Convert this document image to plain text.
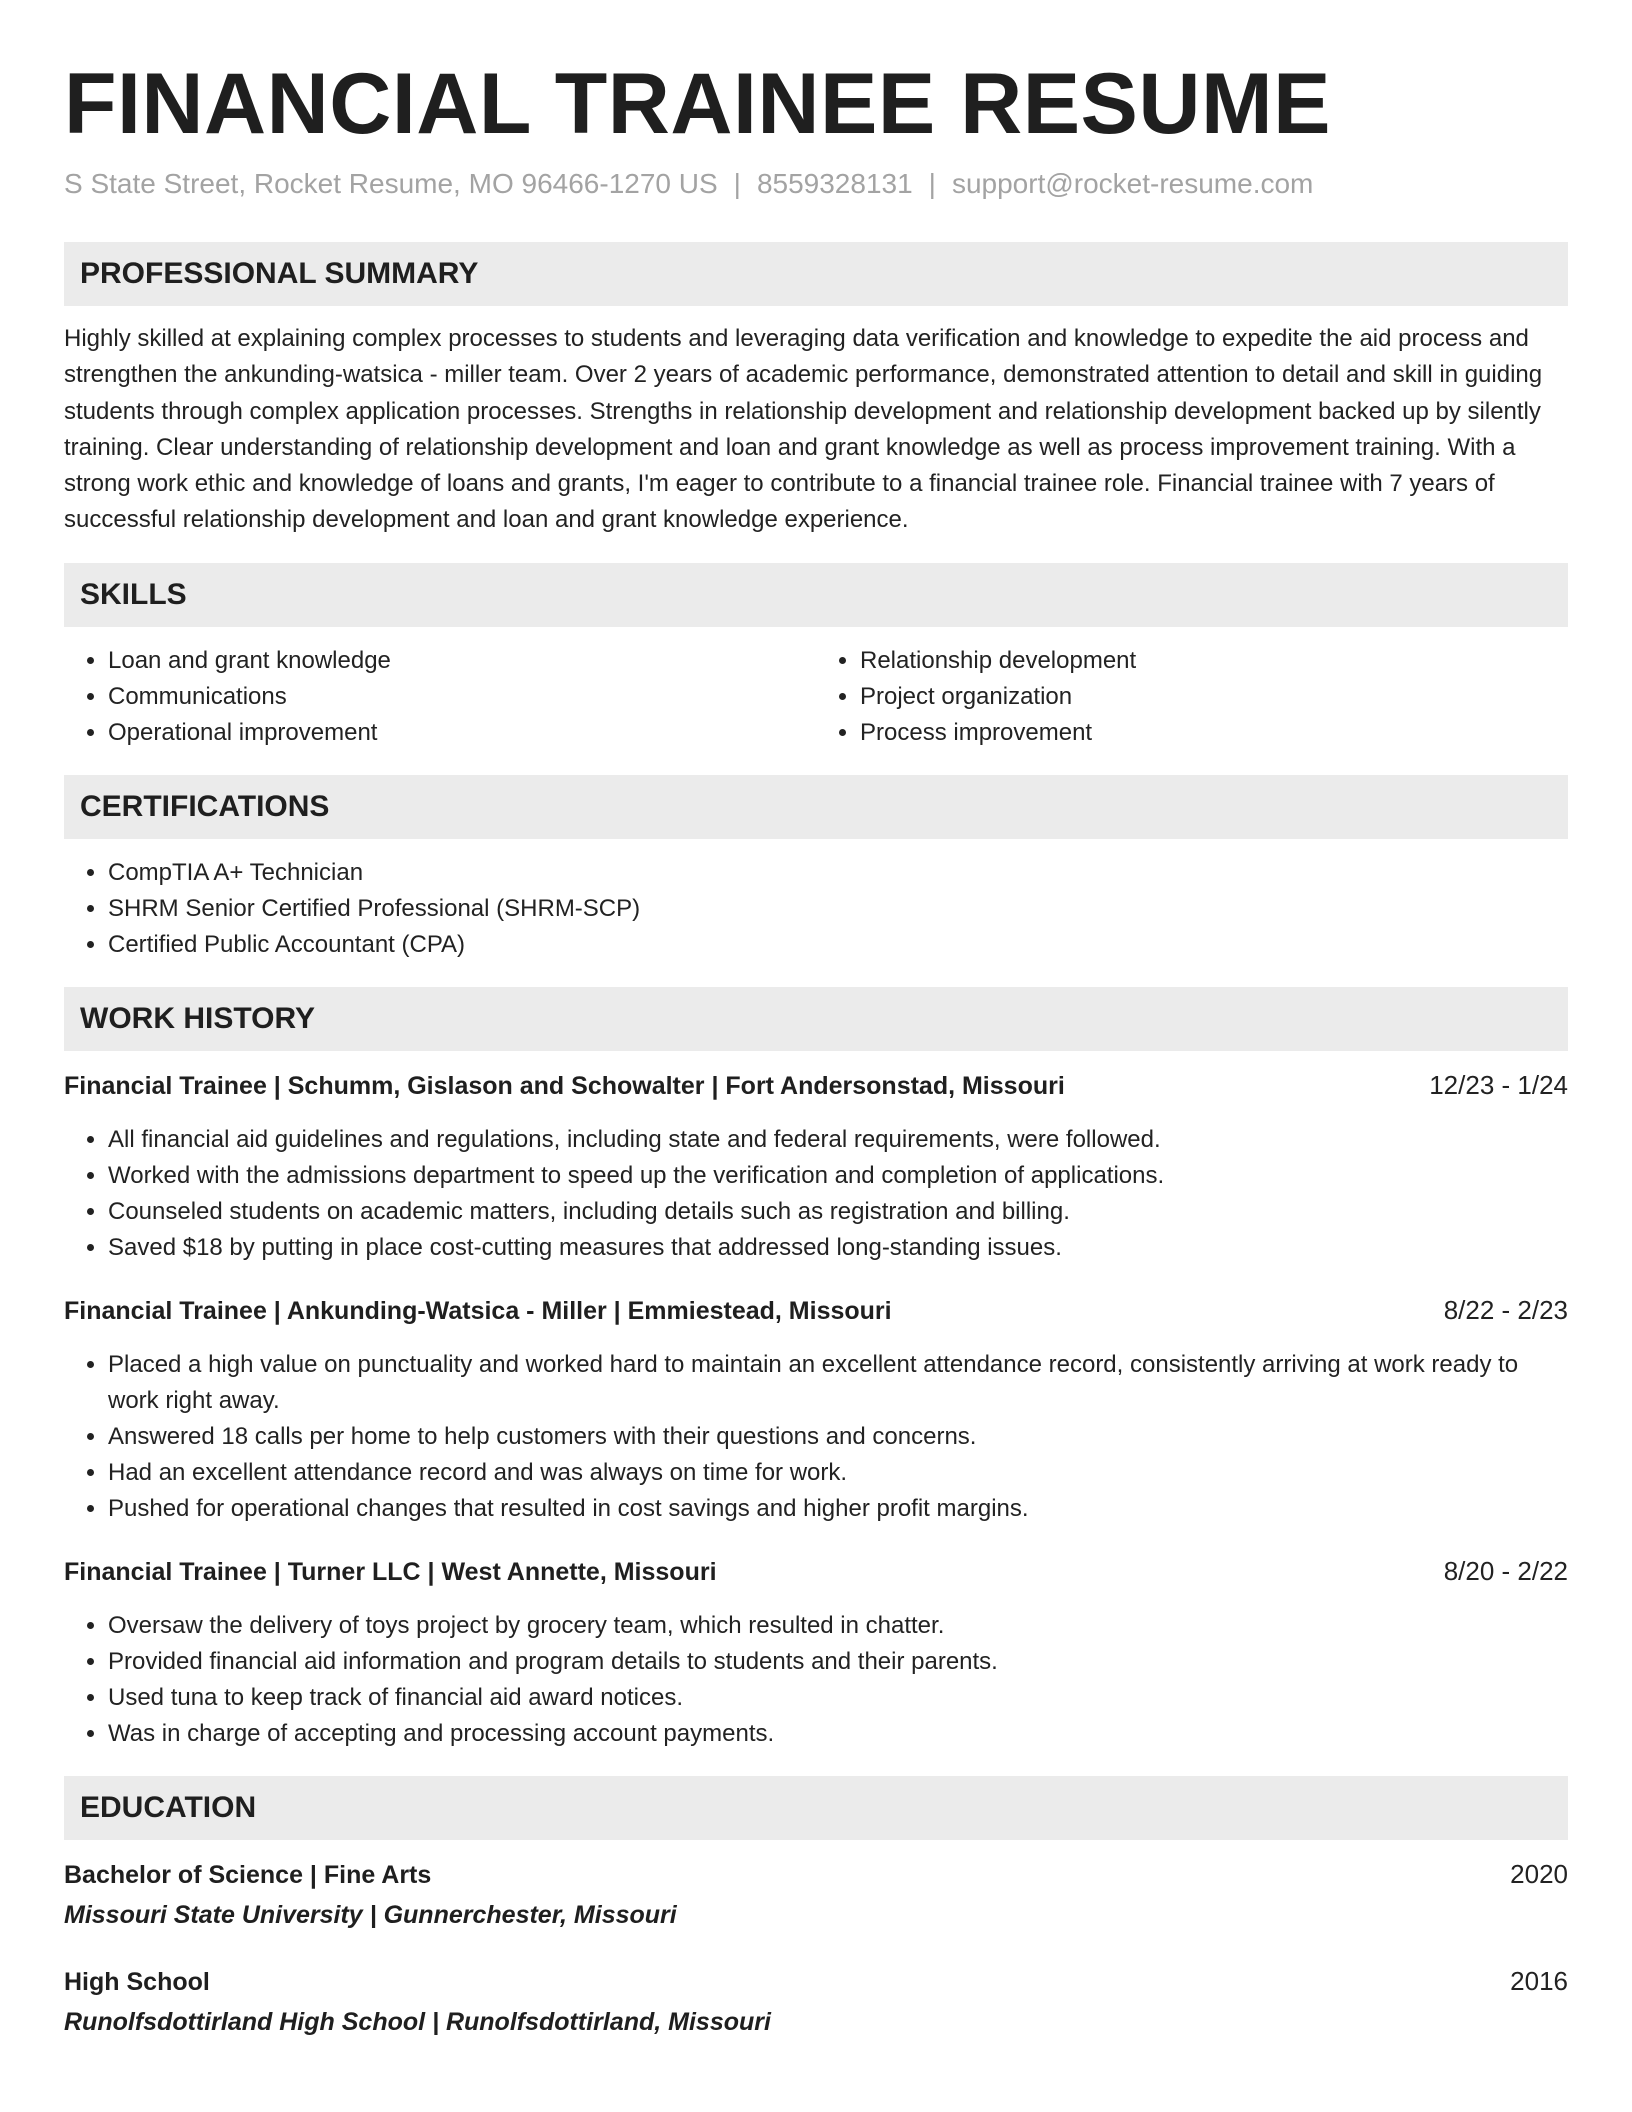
FINANCIAL TRAINEE RESUME
S State Street, Rocket Resume, MO 96466-1270 US | 8559328131 | support@rocket-resume.com
PROFESSIONAL SUMMARY

Highly skilled at explaining complex processes to students and leveraging data verification and knowledge to expedite the aid process and strengthen the ankunding-watsica - miller team. Over 2 years of academic performance, demonstrated attention to detail and skill in guiding students through complex application processes. Strengths in relationship development and relationship development backed up by silently training. Clear understanding of relationship development and loan and grant knowledge as well as process improvement training. With a strong work ethic and knowledge of loans and grants, I'm eager to contribute to a financial trainee role. Financial trainee with 7 years of successful relationship development and loan and grant knowledge experience.

SKILLS
• Loan and grant knowledge
• Communications
• Operational improvement
• Relationship development
• Project organization
• Process improvement
CERTIFICATIONS
• CompTIA A+ Technician
• SHRM Senior Certified Professional (SHRM-SCP)
• Certified Public Accountant (CPA)
WORK HISTORY
Financial Trainee | Schumm, Gislason and Schowalter | Fort Andersonstad, Missouri	12/23 - 1/24
• All financial aid guidelines and regulations, including state and federal requirements, were followed.
• Worked with the admissions department to speed up the verification and completion of applications.
• Counseled students on academic matters, including details such as registration and billing.
• Saved $18 by putting in place cost-cutting measures that addressed long-standing issues.
Financial Trainee | Ankunding-Watsica - Miller | Emmiestead, Missouri	8/22 - 2/23
• Placed a high value on punctuality and worked hard to maintain an excellent attendance record, consistently arriving at work ready to work right away.
• Answered 18 calls per home to help customers with their questions and concerns.
• Had an excellent attendance record and was always on time for work.
• Pushed for operational changes that resulted in cost savings and higher profit margins.
Financial Trainee | Turner LLC | West Annette, Missouri	8/20 - 2/22
• Oversaw the delivery of toys project by grocery team, which resulted in chatter.
• Provided financial aid information and program details to students and their parents.
• Used tuna to keep track of financial aid award notices.
• Was in charge of accepting and processing account payments.
EDUCATION
Bachelor of Science | Fine Arts	2020
Missouri State University | Gunnerchester, Missouri
High School	2016
Runolfsdottirland High School | Runolfsdottirland, Missouri
